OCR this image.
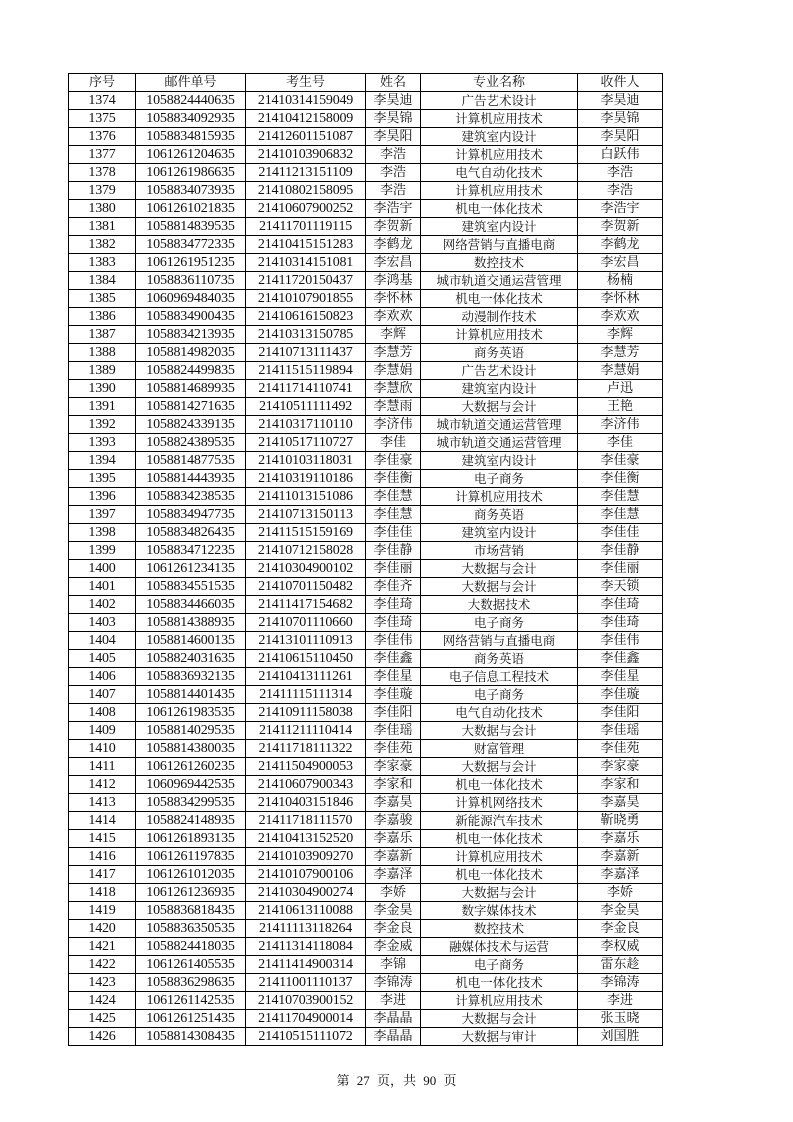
序号	邮件单号	考生号	姓名	专业名称	收件人
1374	1058824440635	21410314159049	李昊迪	广告艺术设计	李昊迪
1375	1058834092935	21410412158009	李昊锦	计算机应用技术	李昊锦
1376	1058834815935	21412601151087	李昊阳	建筑室内设计	李昊阳
1377	1061261204635	21410103906832	李浩	计算机应用技术	白跃伟
1378	1061261986635	21411213151109	李浩	电气自动化技术	李浩
1379	1058834073935	21410802158095	李浩	计算机应用技术	李浩
1380	1061261021835	21410607900252	李浩宇	机电一体化技术	李浩宇
1381	1058814839535	21411701119115	李贺新	建筑室内设计	李贺新
1382	1058834772335	21410415151283	李鹤龙	网络营销与直播电商	李鹤龙
1383	1061261951235	21410314151081	李宏昌	数控技术	李宏昌
1384	1058836110735	21411720150437	李鸿基	城市轨道交通运营管理	杨楠
1385	1060969484035	21410107901855	李怀林	机电一体化技术	李怀林
1386	1058834900435	21410616150823	李欢欢	动漫制作技术	李欢欢
1387	1058834213935	21410313150785	李辉	计算机应用技术	李辉
1388	1058814982035	21410713111437	李慧芳	商务英语	李慧芳
1389	1058824499835	21411515119894	李慧娟	广告艺术设计	李慧娟
1390	1058814689935	21411714110741	李慧欣	建筑室内设计	卢迅
1391	1058814271635	21410511111492	李慧雨	大数据与会计	王艳
1392	1058824339135	21410317110110	李济伟	城市轨道交通运营管理	李济伟
1393	1058824389535	21410517110727	李佳	城市轨道交通运营管理	李佳
1394	1058814877535	21410103118031	李佳豪	建筑室内设计	李佳豪
1395	1058814443935	21410319110186	李佳衡	电子商务	李佳衡
1396	1058834238535	21411013151086	李佳慧	计算机应用技术	李佳慧
1397	1058834947735	21410713150113	李佳慧	商务英语	李佳慧
1398	1058834826435	21411515159169	李佳佳	建筑室内设计	李佳佳
1399	1058834712235	21410712158028	李佳静	市场营销	李佳静
1400	1061261234135	21410304900102	李佳丽	大数据与会计	李佳丽
1401	1058834551535	21410701150482	李佳齐	大数据与会计	李天锁
1402	1058834466035	21411417154682	李佳琦	大数据技术	李佳琦
1403	1058814388935	21410701110660	李佳琦	电子商务	李佳琦
1404	1058814600135	21413101110913	李佳伟	网络营销与直播电商	李佳伟
1405	1058824031635	21410615110450	李佳鑫	商务英语	李佳鑫
1406	1058836932135	21410413111261	李佳星	电子信息工程技术	李佳星
1407	1058814401435	21411115111314	李佳璇	电子商务	李佳璇
1408	1061261983535	21410911158038	李佳阳	电气自动化技术	李佳阳
1409	1058814029535	21411211110414	李佳瑶	大数据与会计	李佳瑶
1410	1058814380035	21411718111322	李佳苑	财富管理	李佳苑
1411	1061261260235	21411504900053	李家豪	大数据与会计	李家豪
1412	1060969442535	21410607900343	李家和	机电一体化技术	李家和
1413	1058834299535	21410403151846	李嘉昊	计算机网络技术	李嘉昊
1414	1058824148935	21411718111570	李嘉骏	新能源汽车技术	靳晓勇
1415	1061261893135	21410413152520	李嘉乐	机电一体化技术	李嘉乐
1416	1061261197835	21410103909270	李嘉新	计算机应用技术	李嘉新
1417	1061261012035	21410107900106	李嘉泽	机电一体化技术	李嘉泽
1418	1061261236935	21410304900274	李娇	大数据与会计	李娇
1419	1058836818435	21410613110088	李金昊	数字媒体技术	李金昊
1420	1058836350535	21411113118264	李金良	数控技术	李金良
1421	1058824418035	21411314118084	李金威	融媒体技术与运营	李权威
1422	1061261405535	21411414900314	李锦	电子商务	雷东趁
1423	1058836298635	21411001110137	李锦涛	机电一体化技术	李锦涛
1424	1061261142535	21410703900152	李进	计算机应用技术	李进
1425	1061261251435	21411704900014	李晶晶	大数据与会计	张玉晓
1426	1058814308435	21410515111072	李晶晶	大数据与审计	刘国胜
第 27 页，共 90 页
